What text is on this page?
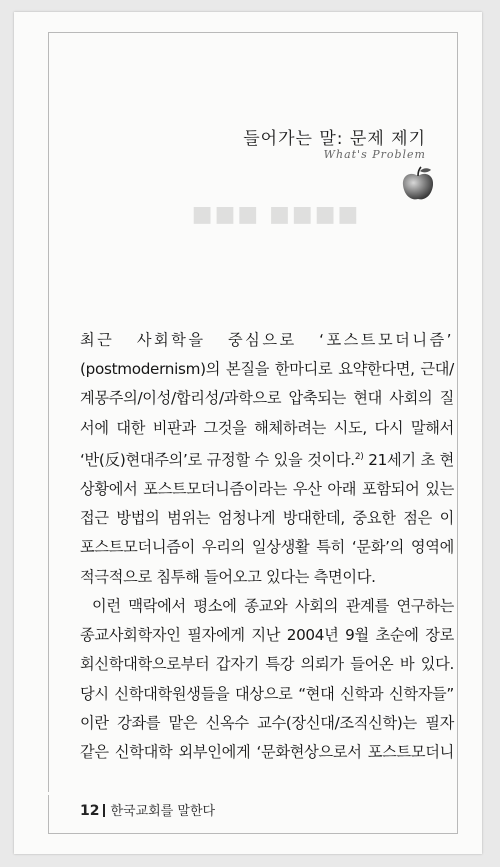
■■■■ ■■■
들어가는 말: 문제 제기
What's Problem
최근 사회학을 중심으로 ‘포스트모더니즘’
(postmodernism)의 본질을 한마디로 요약한다면, 근대/
계몽주의/이성/합리성/과학으로 압축되는 현대 사회의 질
서에 대한 비판과 그것을 해체하려는 시도, 다시 말해서
‘반(反)현대주의’로 규정할 수 있을 것이다.$^{2)}$ 21세기 초 현
상황에서 포스트모더니즘이라는 우산 아래 포함되어 있는
접근 방법의 범위는 엄청나게 방대한데, 중요한 점은 이
포스트모더니즘이 우리의 일상생활 특히 ‘문화’의 영역에
적극적으로 침투해 들어오고 있다는 측면이다.
이런 맥락에서 평소에 종교와 사회의 관계를 연구하는
종교사회학자인 필자에게 지난 2004년 9월 초순에 장로
회신학대학으로부터 갑자기 특강 의뢰가 들어온 바 있다.
당시 신학대학원생들을 대상으로 “현대 신학과 신학자들”
이란 강좌를 맡은 신옥수 교수(장신대/조직신학)는 필자
같은 신학대학 외부인에게 ‘문화현상으로서 포스트모더니
12 한국교회를 말한다
